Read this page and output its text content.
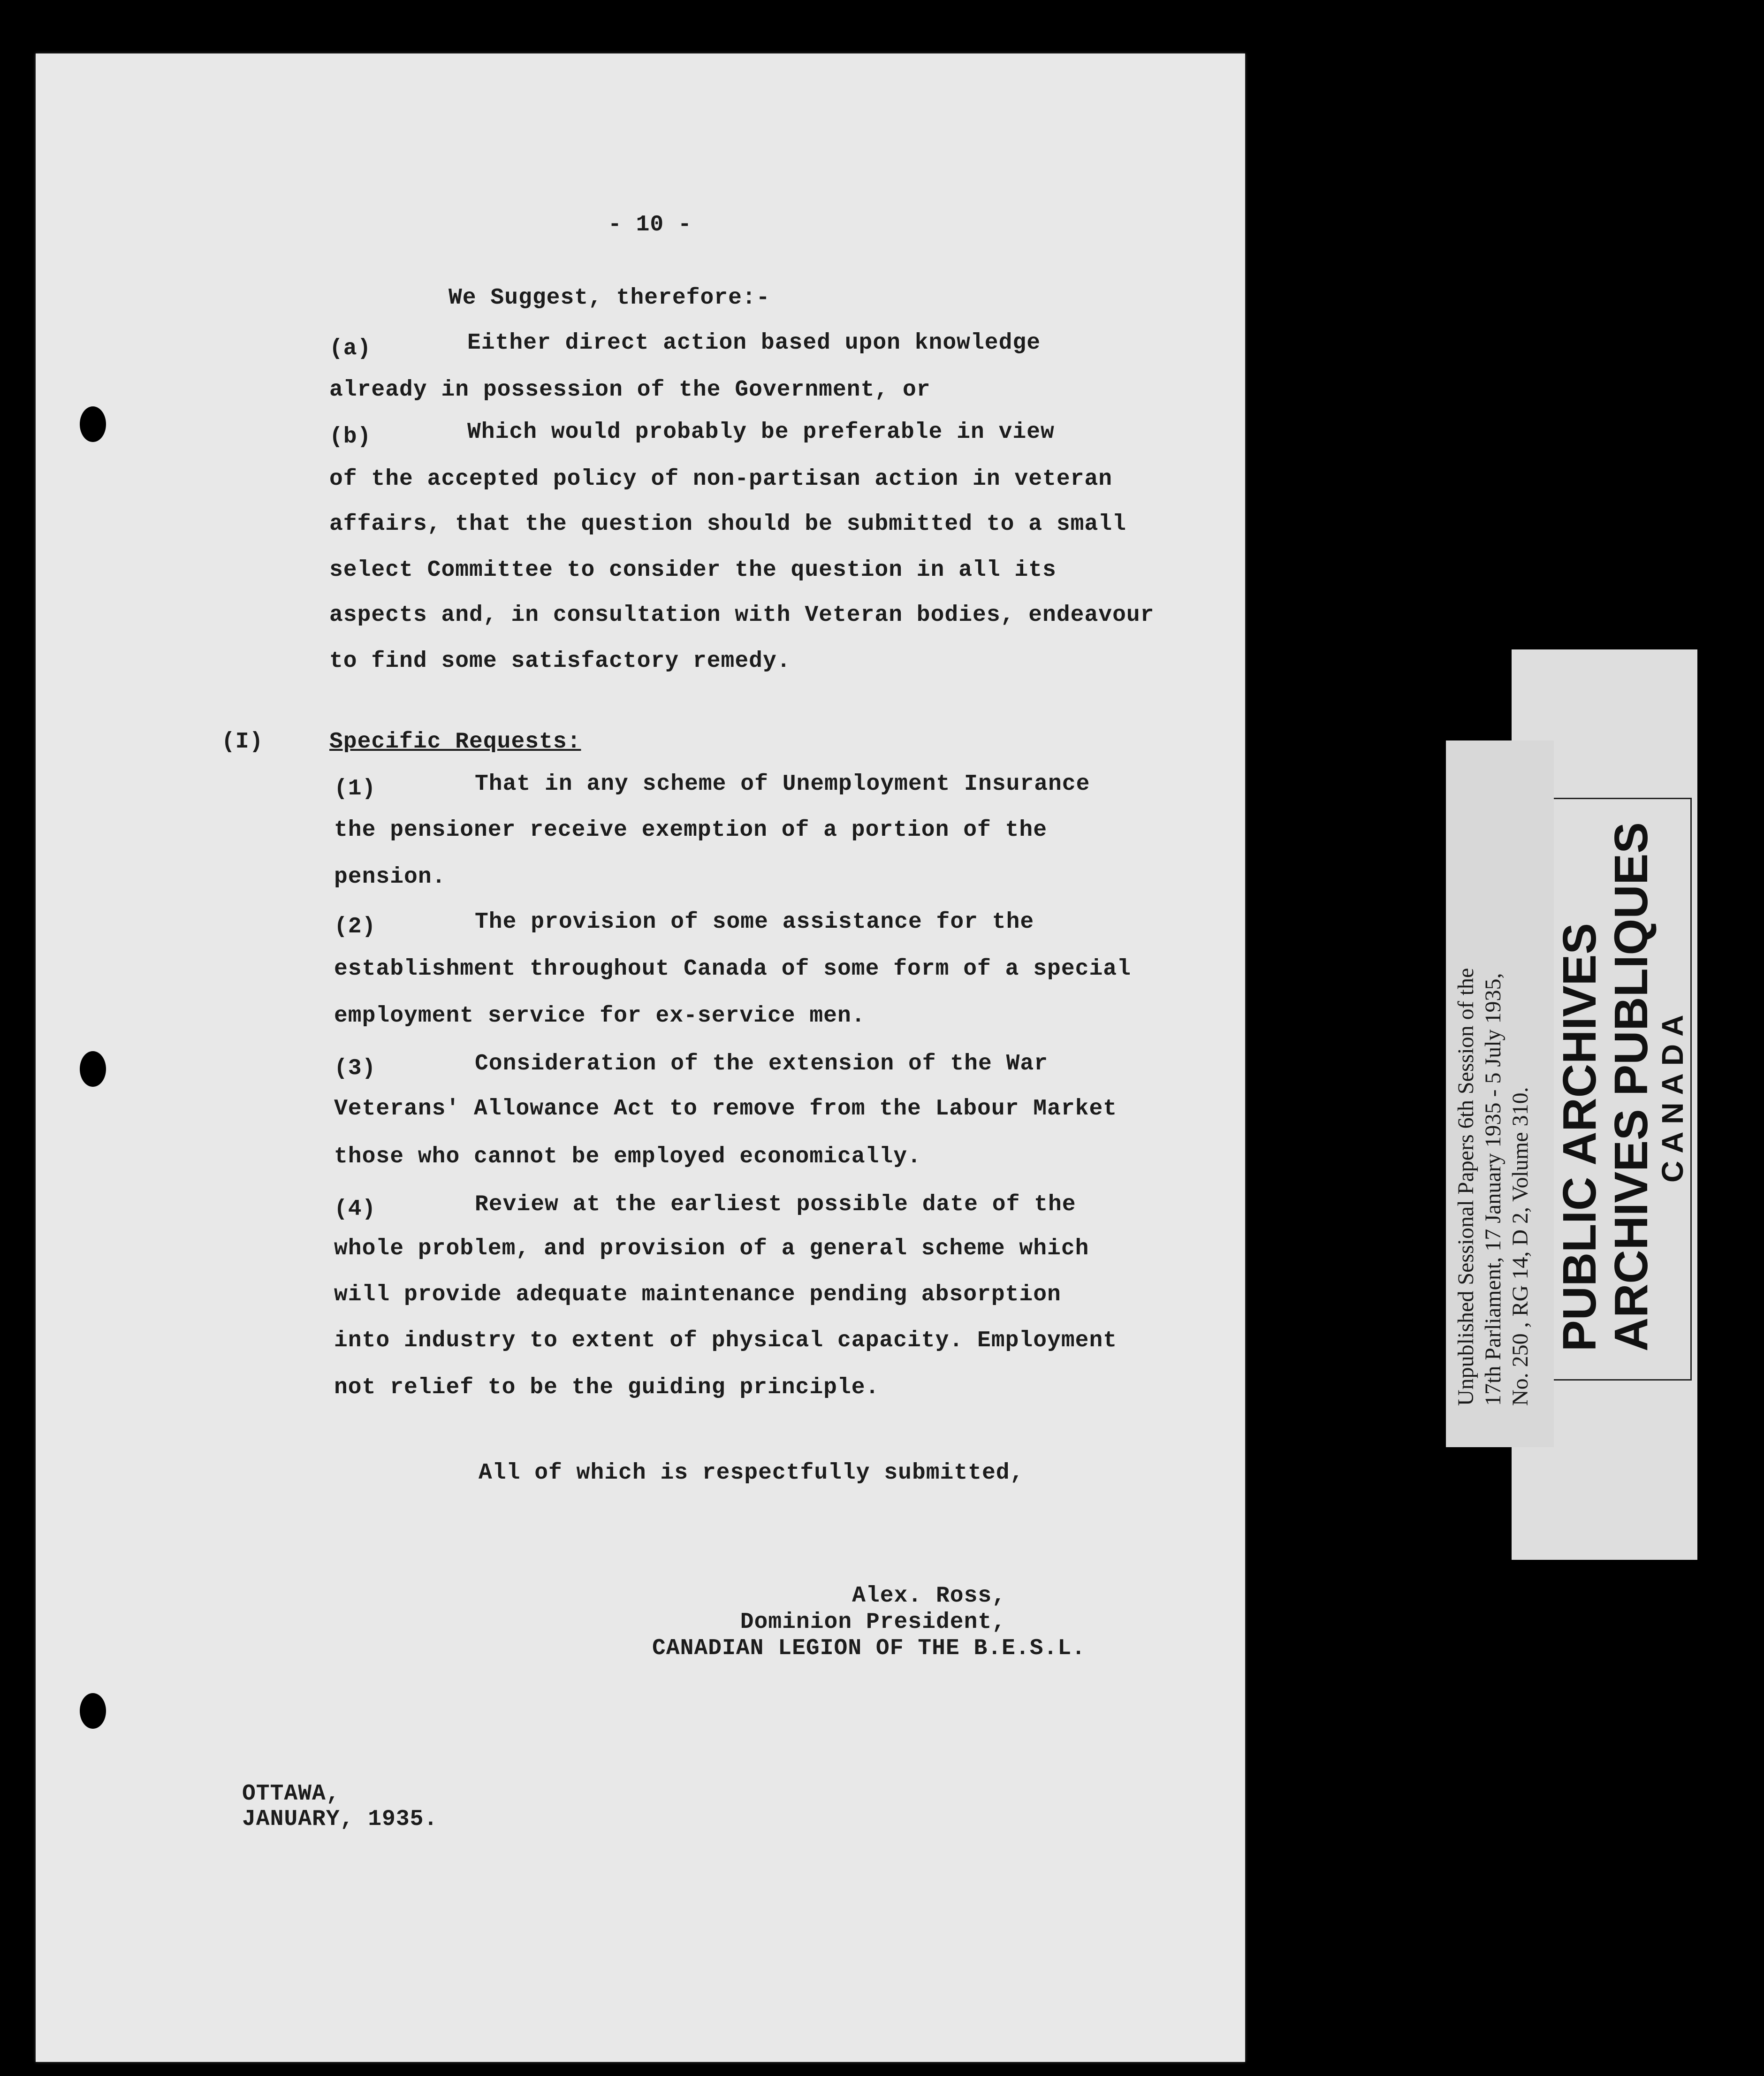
- 10 -
We Suggest, therefore:-
(a)	Either direct action based upon knowledge
already in possession of the Government, or
(b)	Which would probably be preferable in view
of the accepted policy of non-partisan action in veteran
affairs, that the question should be submitted to a small
select Committee to consider the question in all its
aspects and, in consultation with Veteran bodies, endeavour
to find some satisfactory remedy.
(I)	Specific Requests:
(1)	That in any scheme of Unemployment Insurance
the pensioner receive exemption of a portion of the
pension.
(2)	The provision of some assistance for the
establishment throughout Canada of some form of a special
employment service for ex-service men.
(3)	Consideration of the extension of the War
Veterans' Allowance Act to remove from the Labour Market
those who cannot be employed economically.
(4)	Review at the earliest possible date of the
whole problem, and provision of a general scheme which
will provide adequate maintenance pending absorption
into industry to extent of physical capacity. Employment
not relief to be the guiding principle.
All of which is respectfully submitted,
Alex. Ross,
Dominion President,
CANADIAN LEGION OF THE B.E.S.L.
OTTAWA,
JANUARY, 1935.
Unpublished Sessional Papers 6th Session of the 17th Parliament, 17 January 1935 - 5 July 1935, No. 250 , RG 14, D 2, Volume 310. PUBLIC ARCHIVES
ARCHIVES PUBLIQUES
CANADA
